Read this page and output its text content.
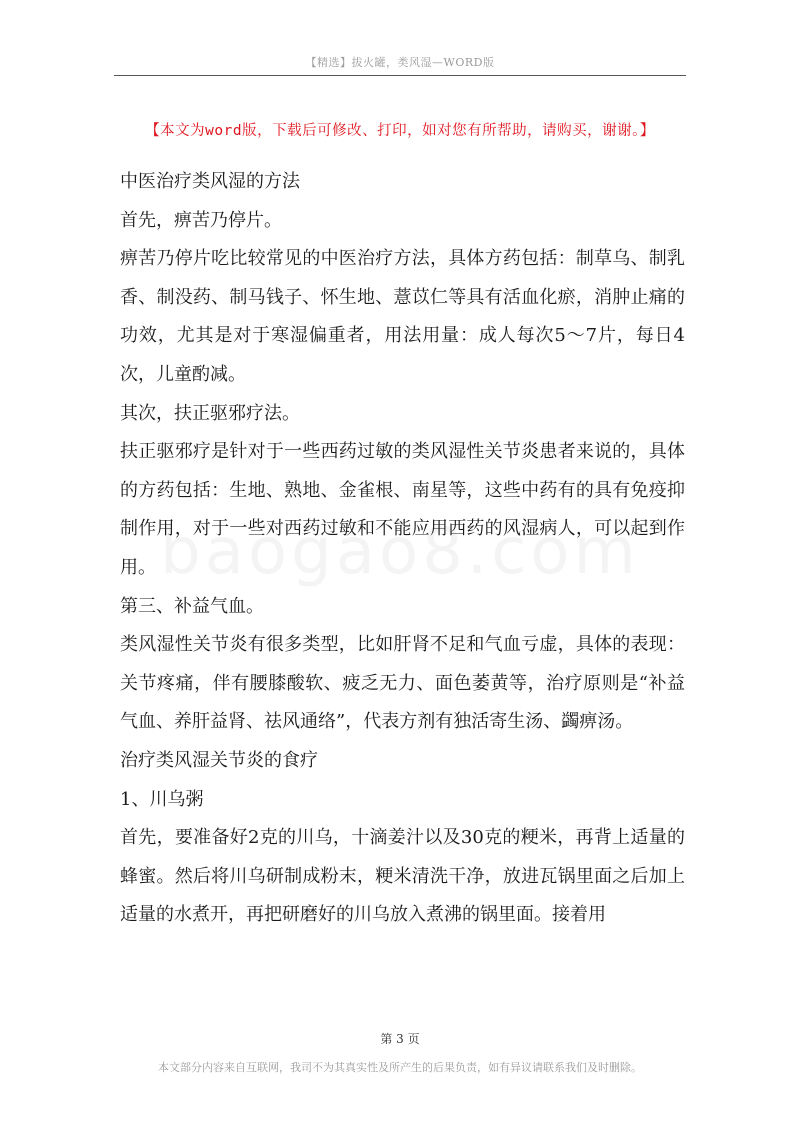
【精选】拔火罐，类风湿—WORD版
【本文为word版，下载后可修改、打印，如对您有所帮助，请购买，谢谢。】

中医治疗类风湿的方法

首先，痹苦乃停片。

痹苦乃停片吃比较常见的中医治疗方法，具体方药包括：制草乌、制乳香、制没药、制马钱子、怀生地、薏苡仁等具有活血化瘀，消肿止痛的功效，尤其是对于寒湿偏重者，用法用量：成人每次5～7片，每日4次，儿童酌减。

其次，扶正驱邪疗法。

扶正驱邪疗是针对于一些西药过敏的类风湿性关节炎患者来说的，具体的方药包括：生地、熟地、金雀根、南星等，这些中药有的具有免疫抑制作用，对于一些对西药过敏和不能应用西药的风湿病人，可以起到作用。

第三、补益气血。

类风湿性关节炎有很多类型，比如肝肾不足和气血亏虚，具体的表现：关节疼痛，伴有腰膝酸软、疲乏无力、面色萎黄等，治疗原则是“补益气血、养肝益肾、祛风通络”，代表方剂有独活寄生汤、蠲痹汤。

治疗类风湿关节炎的食疗

1、川乌粥

首先，要准备好2克的川乌，十滴姜汁以及30克的粳米，再背上适量的蜂蜜。然后将川乌研制成粉末，粳米清洗干净，放进瓦锅里面之后加上适量的水煮开，再把研磨好的川乌放入煮沸的锅里面。接着用

第 3 页
本文部分内容来自互联网，我司不为其真实性及所产生的后果负责，如有异议请联系我们及时删除。
